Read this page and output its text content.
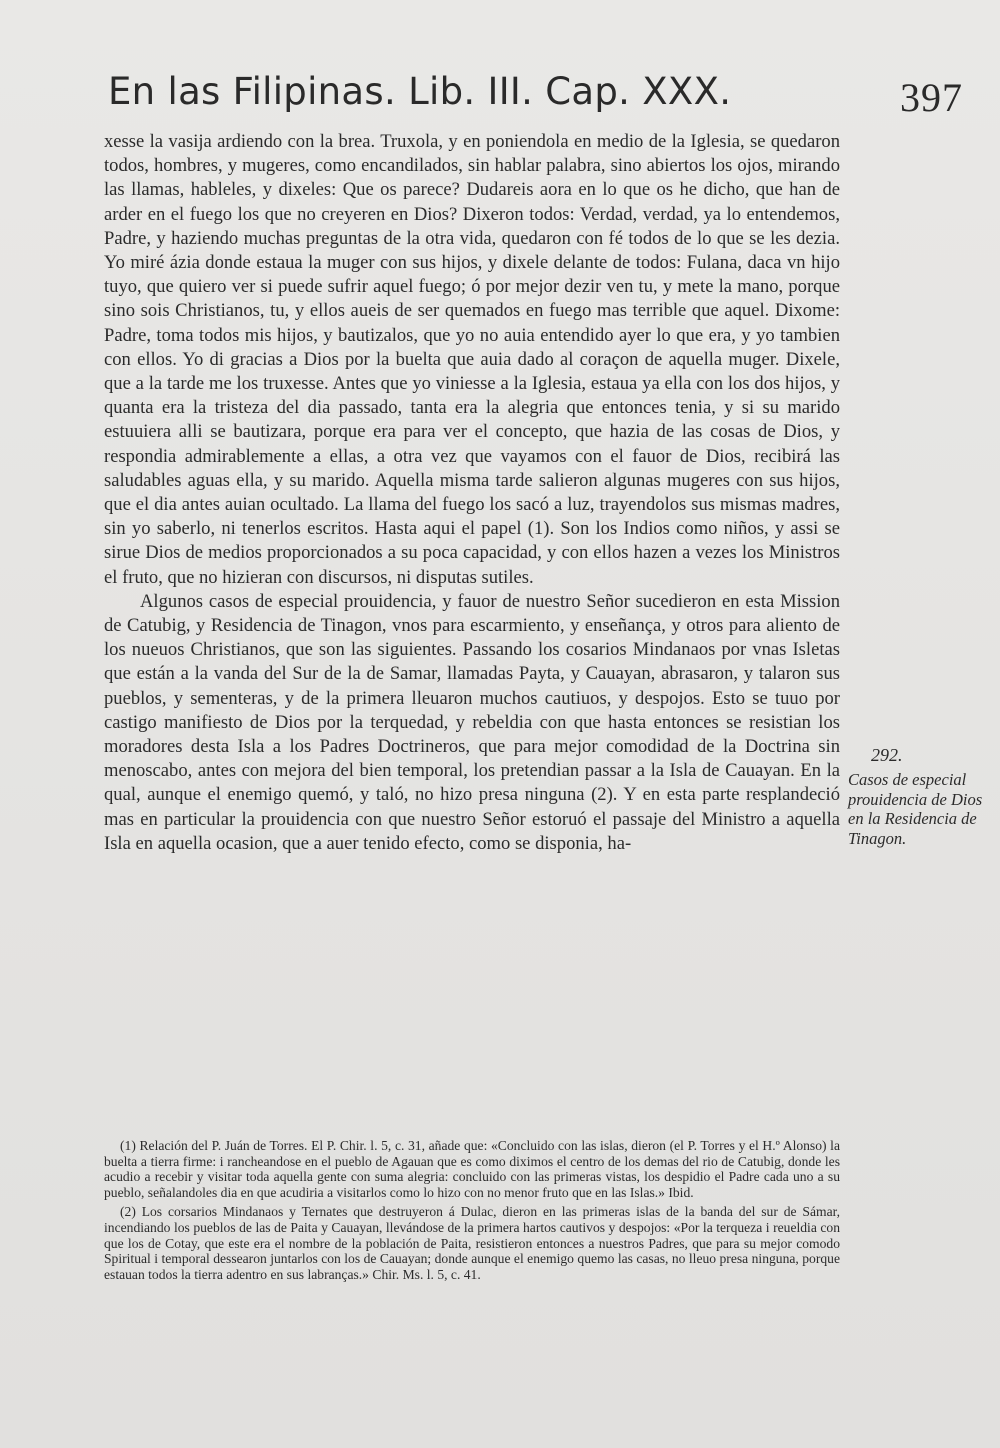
En las Filipinas. Lib. III. Cap. XXX.	397

xesse la vasija ardiendo con la brea. Truxola, y en poniendola en medio de la Iglesia, se quedaron todos, hombres, y mugeres, como encandilados, sin hablar palabra, sino abiertos los ojos, mirando las llamas, hableles, y dixeles: Que os parece? Dudareis aora en lo que os he dicho, que han de arder en el fuego los que no creyeren en Dios? Dixeron todos: Verdad, verdad, ya lo entendemos, Padre, y haziendo muchas preguntas de la otra vida, quedaron con fé todos de lo que se les dezia. Yo miré ázia donde estaua la muger con sus hijos, y dixele delante de todos: Fulana, daca vn hijo tuyo, que quiero ver si puede sufrir aquel fuego; ó por mejor dezir ven tu, y mete la mano, porque sino sois Christianos, tu, y ellos aueis de ser quemados en fuego mas terrible que aquel. Dixome: Padre, toma todos mis hijos, y bautizalos, que yo no auia entendido ayer lo que era, y yo tambien con ellos. Yo di gracias a Dios por la buelta que auia dado al coraçon de aquella muger. Dixele, que a la tarde me los truxesse. Antes que yo viniesse a la Iglesia, estaua ya ella con los dos hijos, y quanta era la tristeza del dia passado, tanta era la alegria que entonces tenia, y si su marido estuuiera alli se bautizara, porque era para ver el concepto, que hazia de las cosas de Dios, y respondia admirablemente a ellas, a otra vez que vayamos con el fauor de Dios, recibirá las saludables aguas ella, y su marido. Aquella misma tarde salieron algunas mugeres con sus hijos, que el dia antes auian ocultado. La llama del fuego los sacó a luz, trayendolos sus mismas madres, sin yo saberlo, ni tenerlos escritos. Hasta aqui el papel (1). Son los Indios como niños, y assi se sirue Dios de medios proporcionados a su poca capacidad, y con ellos hazen a vezes los Ministros el fruto, que no hizieran con discursos, ni disputas sutiles.

Algunos casos de especial prouidencia, y fauor de nuestro Señor sucedieron en esta Mission de Catubig, y Residencia de Tinagon, vnos para escarmiento, y enseñança, y otros para aliento de los nueuos Christianos, que son las siguientes. Passando los cosarios Mindanaos por vnas Isletas que están a la vanda del Sur de la de Samar, llamadas Payta, y Cauayan, abrasaron, y talaron sus pueblos, y sementeras, y de la primera lleuaron muchos cautiuos, y despojos. Esto se tuuo por castigo manifiesto de Dios por la terquedad, y rebeldia con que hasta entonces se resistian los moradores desta Isla a los Padres Doctrineros, que para mejor comodidad de la Doctrina sin menoscabo, antes con mejora del bien temporal, los pretendian passar a la Isla de Cauayan. En la qual, aunque el enemigo quemó, y taló, no hizo presa ninguna (2). Y en esta parte resplandeció mas en particular la prouidencia con que nuestro Señor estoruó el passaje del Ministro a aquella Isla en aquella ocasion, que a auer tenido efecto, como se disponia, ha-

292.
Casos de especial prouidencia de Dios en la Residencia de Tinagon.

(1) Relación del P. Juán de Torres. El P. Chir. l. 5, c. 31, añade que: «Concluido con las islas, dieron (el P. Torres y el H.º Alonso) la buelta a tierra firme: i rancheandose en el pueblo de Agauan que es como diximos el centro de los demas del rio de Catubig, donde les acudio a recebir y visitar toda aquella gente con suma alegria: concluido con las primeras vistas, los despidio el Padre cada uno a su pueblo, señalandoles dia en que acudiria a visitarlos como lo hizo con no menor fruto que en las Islas.» Ibid.

(2) Los corsarios Mindanaos y Ternates que destruyeron á Dulac, dieron en las primeras islas de la banda del sur de Sámar, incendiando los pueblos de las de Paita y Cauayan, llevándose de la primera hartos cautivos y despojos: «Por la terqueza i reueldia con que los de Cotay, que este era el nombre de la población de Paita, resistieron entonces a nuestros Padres, que para su mejor comodo Spiritual i temporal dessearon juntarlos con los de Cauayan; donde aunque el enemigo quemo las casas, no lleuo presa ninguna, porque estauan todos la tierra adentro en sus labranças.» Chir. Ms. l. 5, c. 41.
